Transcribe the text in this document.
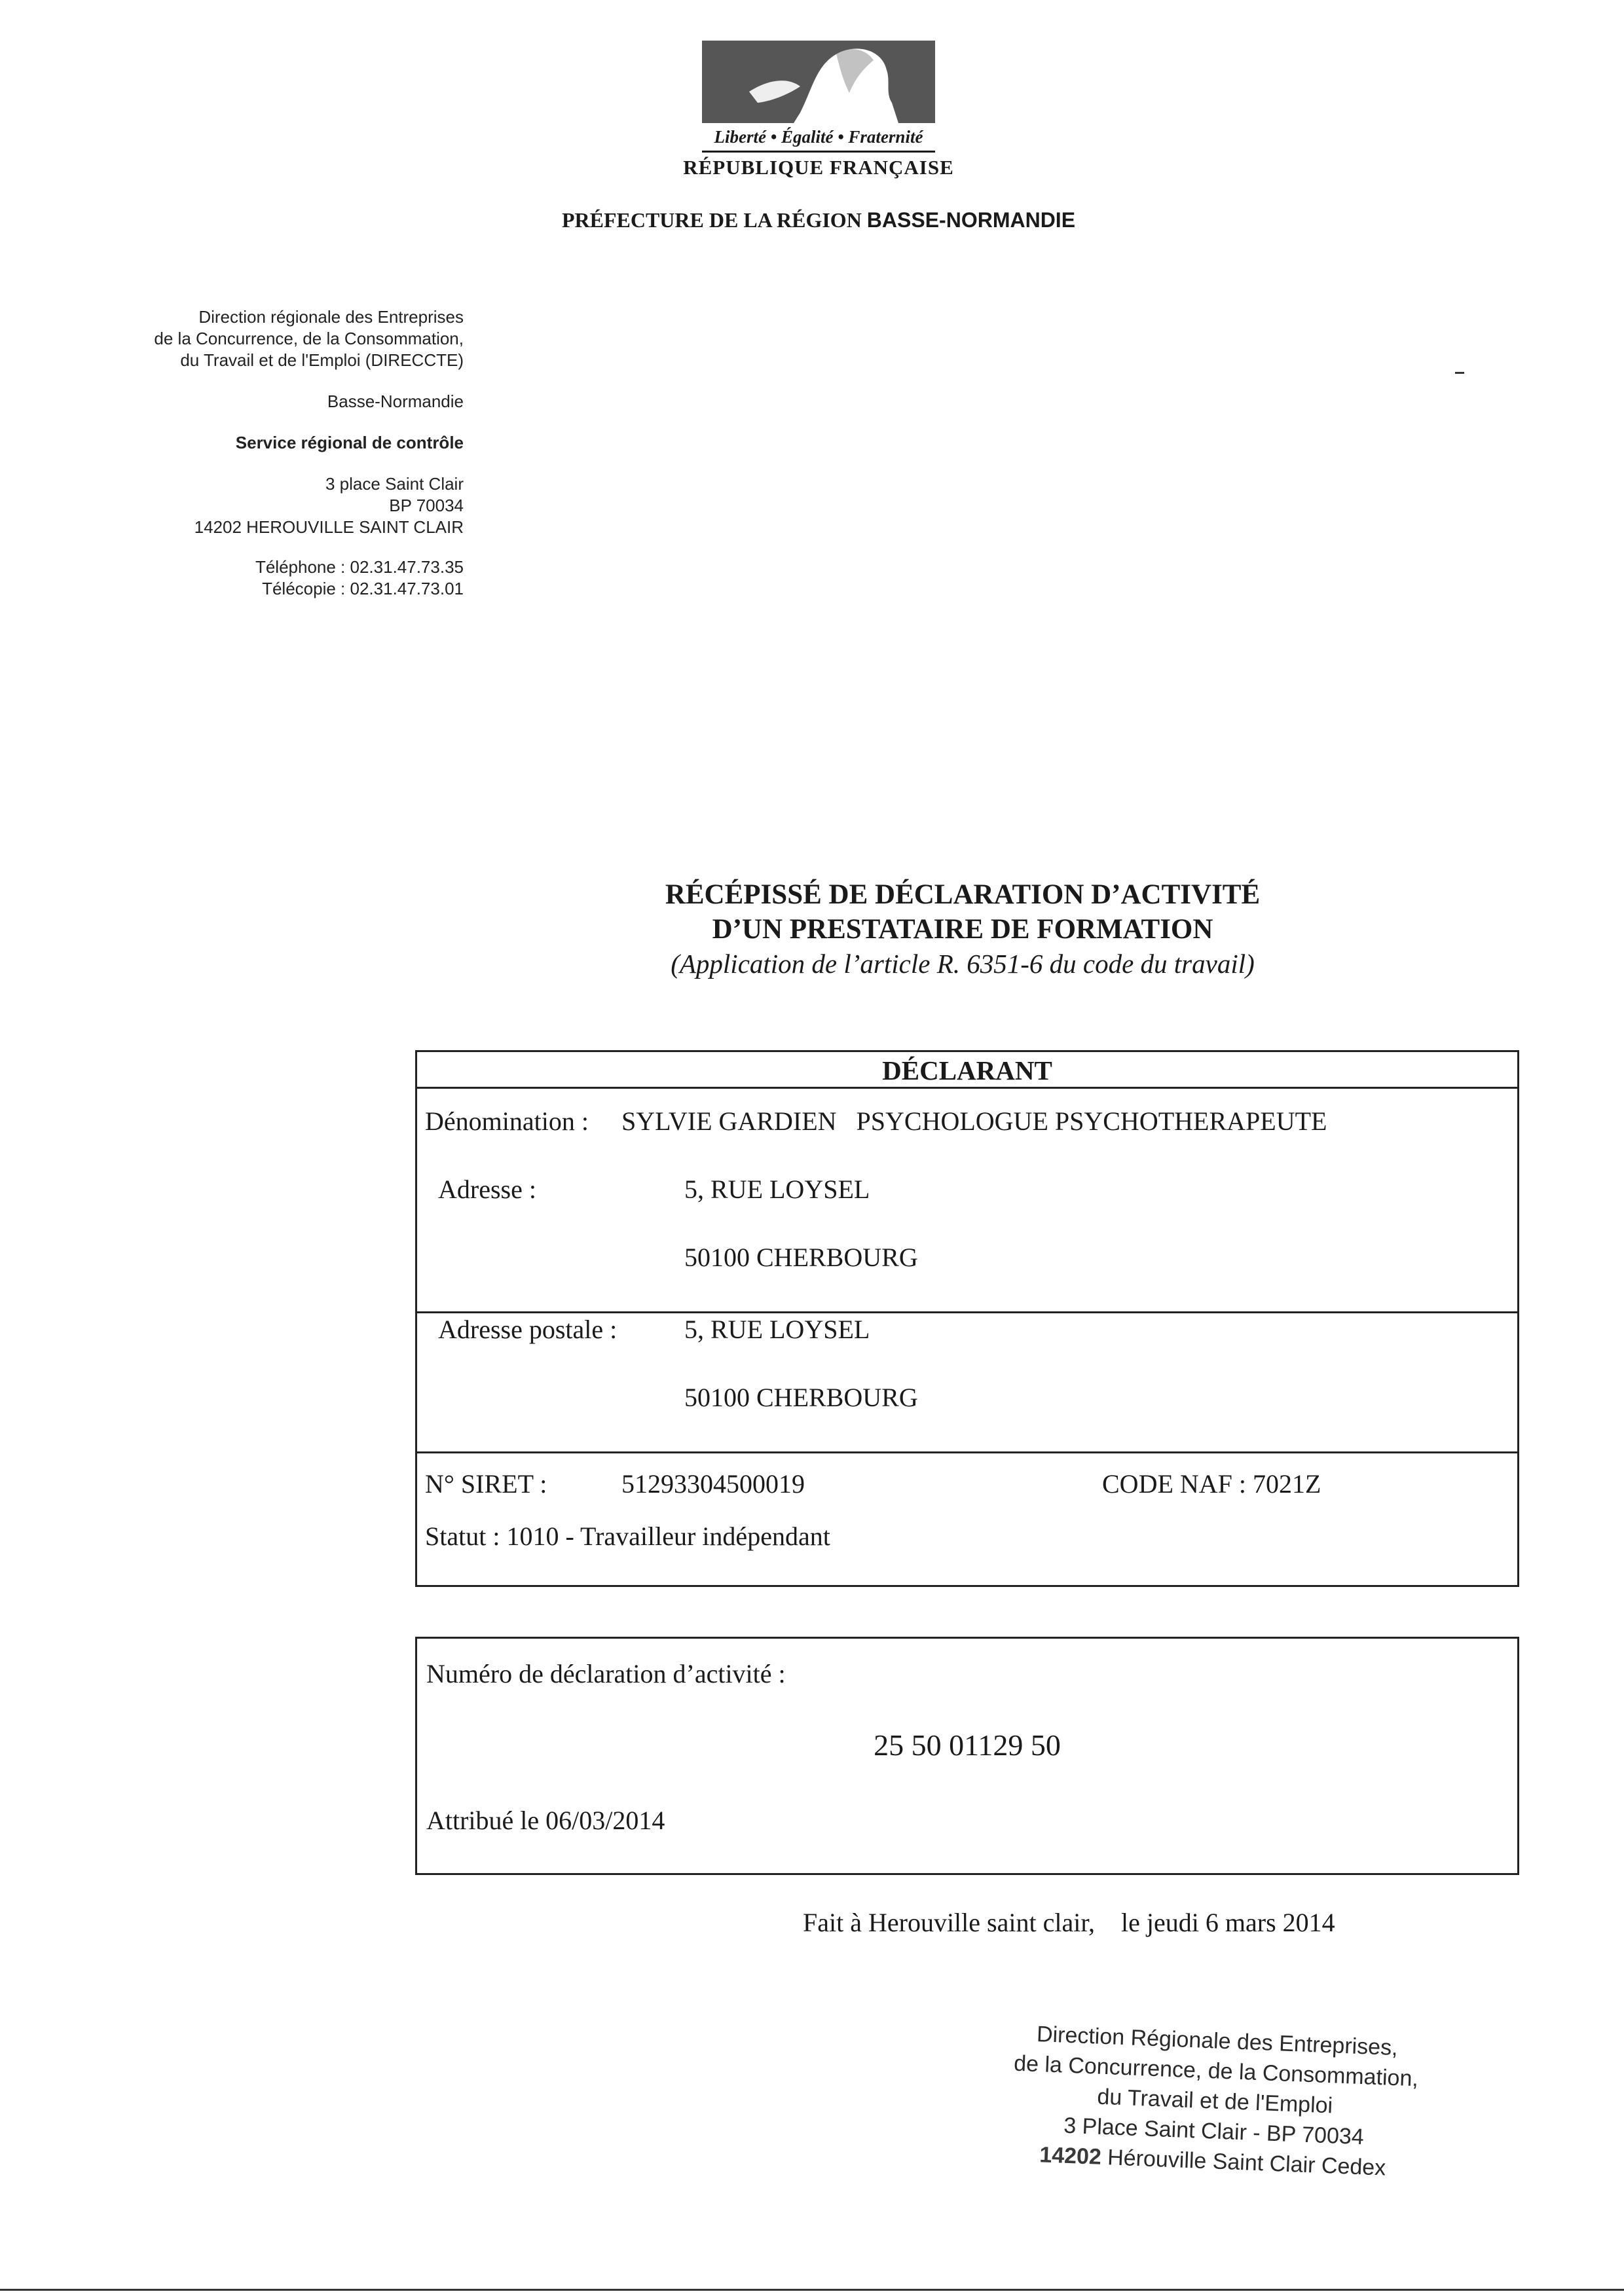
Liberté • Égalité • Fraternité
RÉPUBLIQUE FRANÇAISE
PRÉFECTURE DE LA RÉGION BASSE-NORMANDIE
Direction régionale des Entreprises
de la Concurrence, de la Consommation,
du Travail et de l'Emploi (DIRECCTE)
Basse-Normandie
Service régional de contrôle
3 place Saint Clair
BP 70034
14202 HEROUVILLE SAINT CLAIR
Téléphone : 02.31.47.73.35
Télécopie : 02.31.47.73.01
RÉCÉPISSÉ DE DÉCLARATION D’ACTIVITÉ
D’UN PRESTATAIRE DE FORMATION
(Application de l’article R. 6351-6 du code du travail)
DÉCLARANT
Dénomination : SYLVIE GARDIEN   PSYCHOLOGUE PSYCHOTHERAPEUTE
Adresse :	5, RUE LOYSEL
50100 CHERBOURG
Adresse postale :	5, RUE LOYSEL
50100 CHERBOURG
N° SIRET :	51293304500019	CODE NAF : 7021Z
Statut : 1010 - Travailleur indépendant
Numéro de déclaration d’activité :
25 50 01129 50
Attribué le 06/03/2014
Fait à Herouville saint clair,    le jeudi 6 mars 2014
Direction Régionale des Entreprises,
de la Concurrence, de la Consommation,
du Travail et de l'Emploi
3 Place Saint Clair - BP 70034
14202 Hérouville Saint Clair Cedex
